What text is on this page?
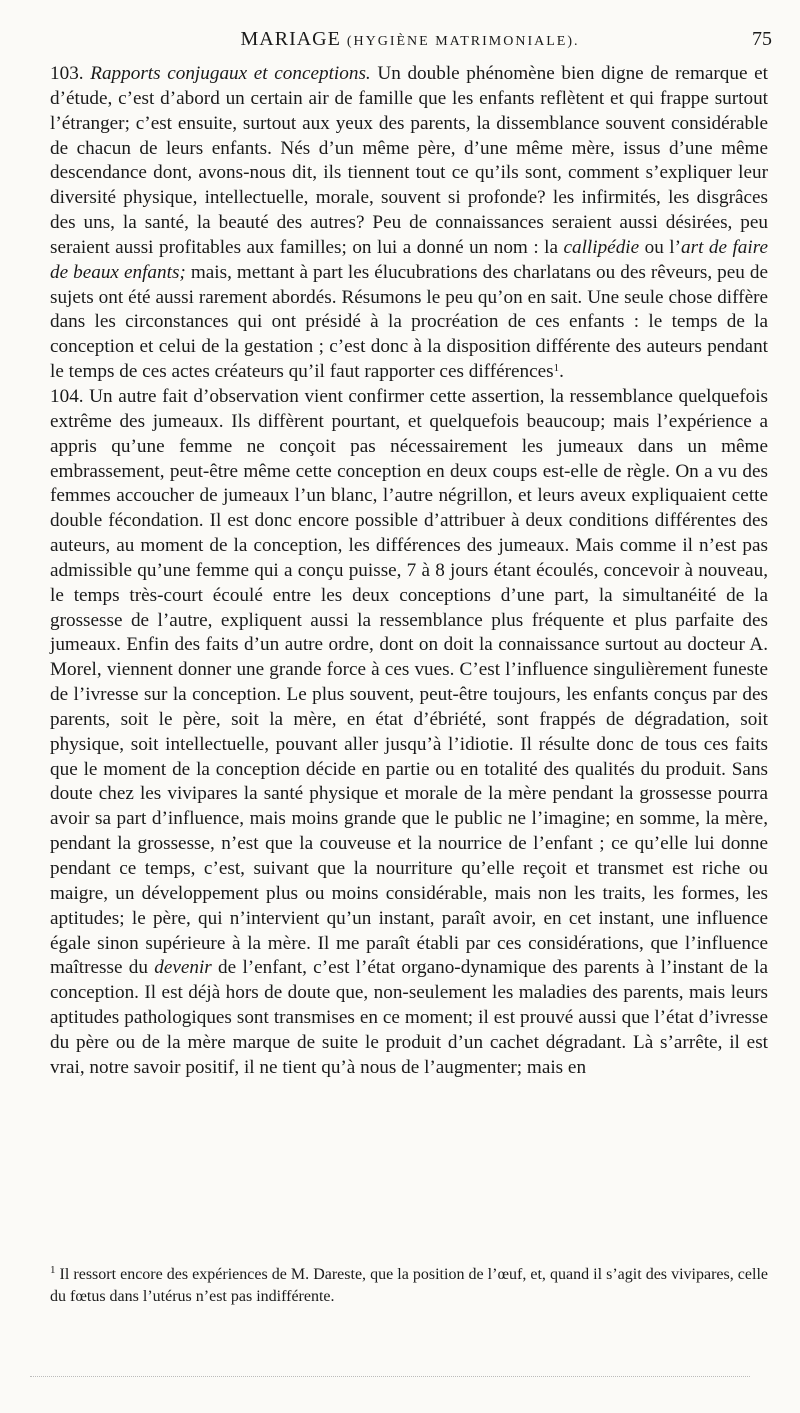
MARIAGE (HYGIÈNE MATRIMONIALE).	75

103. Rapports conjugaux et conceptions. Un double phénomène bien digne de remarque et d’étude, c’est d’abord un certain air de famille que les enfants reflètent et qui frappe surtout l’étranger; c’est ensuite, surtout aux yeux des parents, la dissemblance souvent considérable de chacun de leurs enfants. Nés d’un même père, d’une même mère, issus d’une même descendance dont, avons-nous dit, ils tiennent tout ce qu’ils sont, comment s’expliquer leur diversité physique, intellectuelle, morale, souvent si profonde? les infirmités, les disgrâces des uns, la santé, la beauté des autres? Peu de connaissances seraient aussi désirées, peu seraient aussi profitables aux familles; on lui a donné un nom : la callipédie ou l’art de faire de beaux enfants; mais, mettant à part les élucubrations des charlatans ou des rêveurs, peu de sujets ont été aussi rarement abordés. Résumons le peu qu’on en sait. Une seule chose diffère dans les circonstances qui ont présidé à la procréation de ces enfants : le temps de la conception et celui de la gestation ; c’est donc à la disposition différente des auteurs pendant le temps de ces actes créateurs qu’il faut rapporter ces différences$^1$.

104. Un autre fait d’observation vient confirmer cette assertion, la ressemblance quelquefois extrême des jumeaux. Ils diffèrent pourtant, et quelquefois beaucoup; mais l’expérience a appris qu’une femme ne conçoit pas nécessairement les jumeaux dans un même embrassement, peut-être même cette conception en deux coups est-elle de règle. On a vu des femmes accoucher de jumeaux l’un blanc, l’autre négrillon, et leurs aveux expliquaient cette double fécondation. Il est donc encore possible d’attribuer à deux conditions différentes des auteurs, au moment de la conception, les différences des jumeaux. Mais comme il n’est pas admissible qu’une femme qui a conçu puisse, 7 à 8 jours étant écoulés, concevoir à nouveau, le temps très-court écoulé entre les deux conceptions d’une part, la simultanéité de la grossesse de l’autre, expliquent aussi la ressemblance plus fréquente et plus parfaite des jumeaux. Enfin des faits d’un autre ordre, dont on doit la connaissance surtout au docteur A. Morel, viennent donner une grande force à ces vues. C’est l’influence singulièrement funeste de l’ivresse sur la conception. Le plus souvent, peut-être toujours, les enfants conçus par des parents, soit le père, soit la mère, en état d’ébriété, sont frappés de dégradation, soit physique, soit intellectuelle, pouvant aller jusqu’à l’idiotie. Il résulte donc de tous ces faits que le moment de la conception décide en partie ou en totalité des qualités du produit. Sans doute chez les vivipares la santé physique et morale de la mère pendant la grossesse pourra avoir sa part d’influence, mais moins grande que le public ne l’imagine; en somme, la mère, pendant la grossesse, n’est que la couveuse et la nourrice de l’enfant ; ce qu’elle lui donne pendant ce temps, c’est, suivant que la nourriture qu’elle reçoit et transmet est riche ou maigre, un développement plus ou moins considérable, mais non les traits, les formes, les aptitudes; le père, qui n’intervient qu’un instant, paraît avoir, en cet instant, une influence égale sinon supérieure à la mère. Il me paraît établi par ces considérations, que l’influence maîtresse du devenir de l’enfant, c’est l’état organo-dynamique des parents à l’instant de la conception. Il est déjà hors de doute que, non-seulement les maladies des parents, mais leurs aptitudes pathologiques sont transmises en ce moment; il est prouvé aussi que l’état d’ivresse du père ou de la mère marque de suite le produit d’un cachet dégradant. Là s’arrête, il est vrai, notre savoir positif, il ne tient qu’à nous de l’augmenter; mais en

$^1$ Il ressort encore des expériences de M. Dareste, que la position de l’œuf, et, quand il s’agit des vivipares, celle du fœtus dans l’utérus n’est pas indifférente.
